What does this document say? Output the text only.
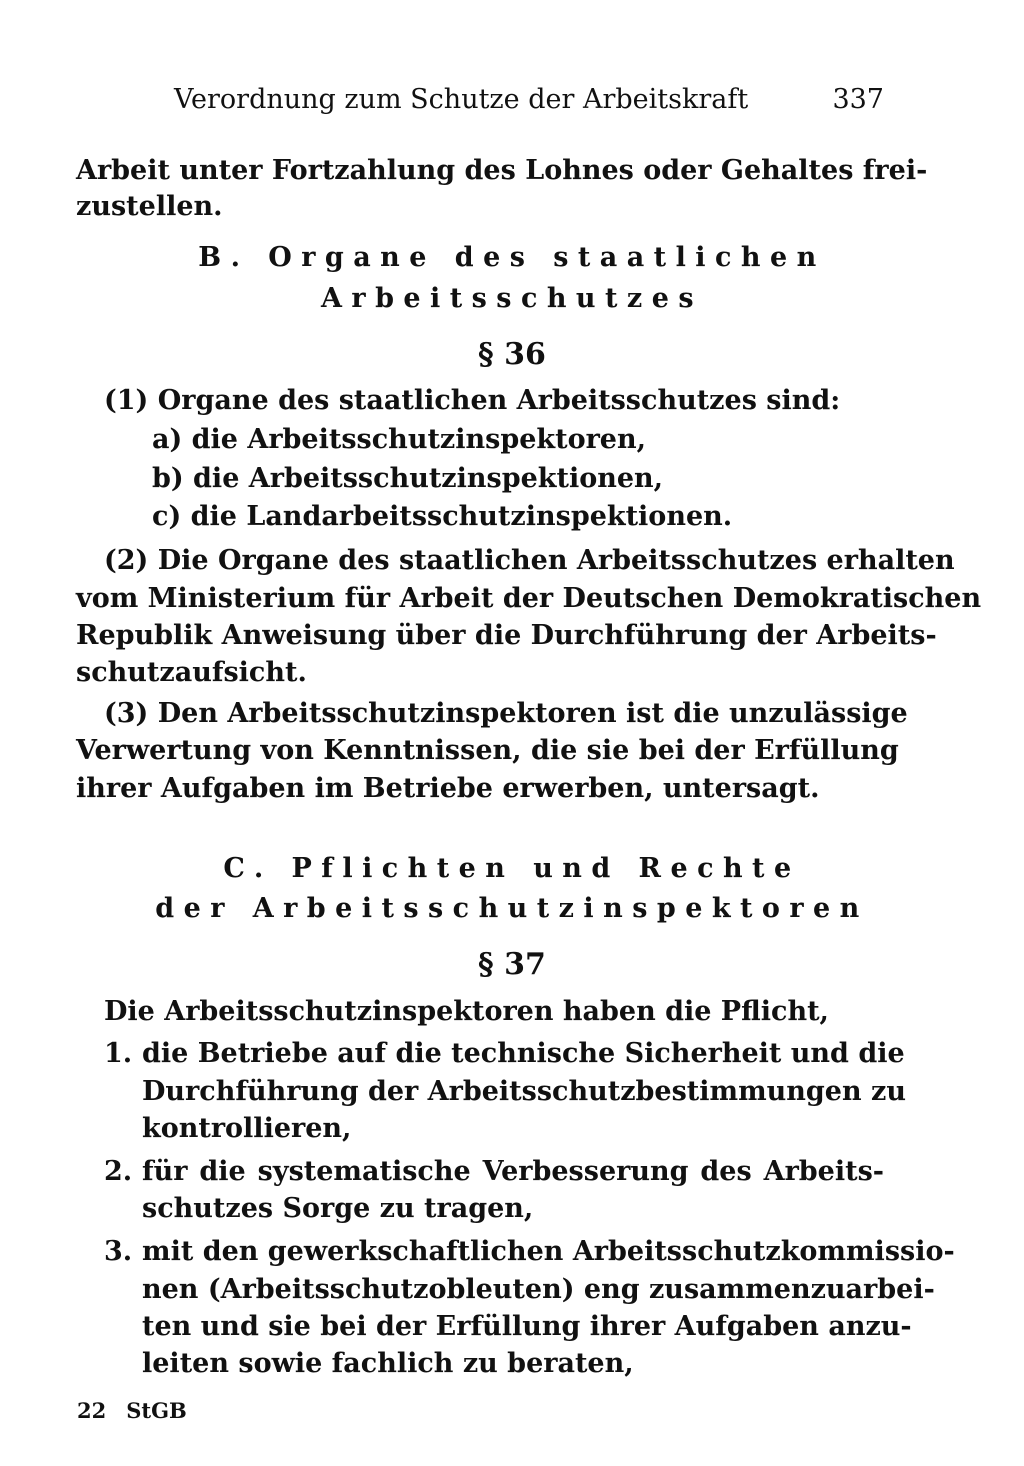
Verordnung zum Schutze der Arbeitskraft	337
Arbeit unter Fortzahlung des Lohnes oder Gehaltes frei-
zustellen.
B. Organe des staatlichen
Arbeitsschutzes
§ 36
(1) Organe des staatlichen Arbeitsschutzes sind:
a) die Arbeitsschutzinspektoren,
b) die Arbeitsschutzinspektionen,
c) die Landarbeitsschutzinspektionen.
(2) Die Organe des staatlichen Arbeitsschutzes erhalten
vom Ministerium für Arbeit der Deutschen Demokratischen
Republik Anweisung über die Durchführung der Arbeits-
schutzaufsicht.
(3) Den Arbeitsschutzinspektoren ist die unzulässige
Verwertung von Kenntnissen, die sie bei der Erfüllung
ihrer Aufgaben im Betriebe erwerben, untersagt.
C. Pflichten und Rechte
der Arbeitsschutzinspektoren
§ 37
Die Arbeitsschutzinspektoren haben die Pflicht,
1. die Betriebe auf die technische Sicherheit und die
Durchführung der Arbeitsschutzbestimmungen zu
kontrollieren,
2. für die systematische Verbesserung des Arbeits-
schutzes Sorge zu tragen,
3. mit den gewerkschaftlichen Arbeitsschutzkommissio-
nen (Arbeitsschutzobleuten) eng zusammenzuarbei-
ten und sie bei der Erfüllung ihrer Aufgaben anzu-
leiten sowie fachlich zu beraten,
22 StGB
